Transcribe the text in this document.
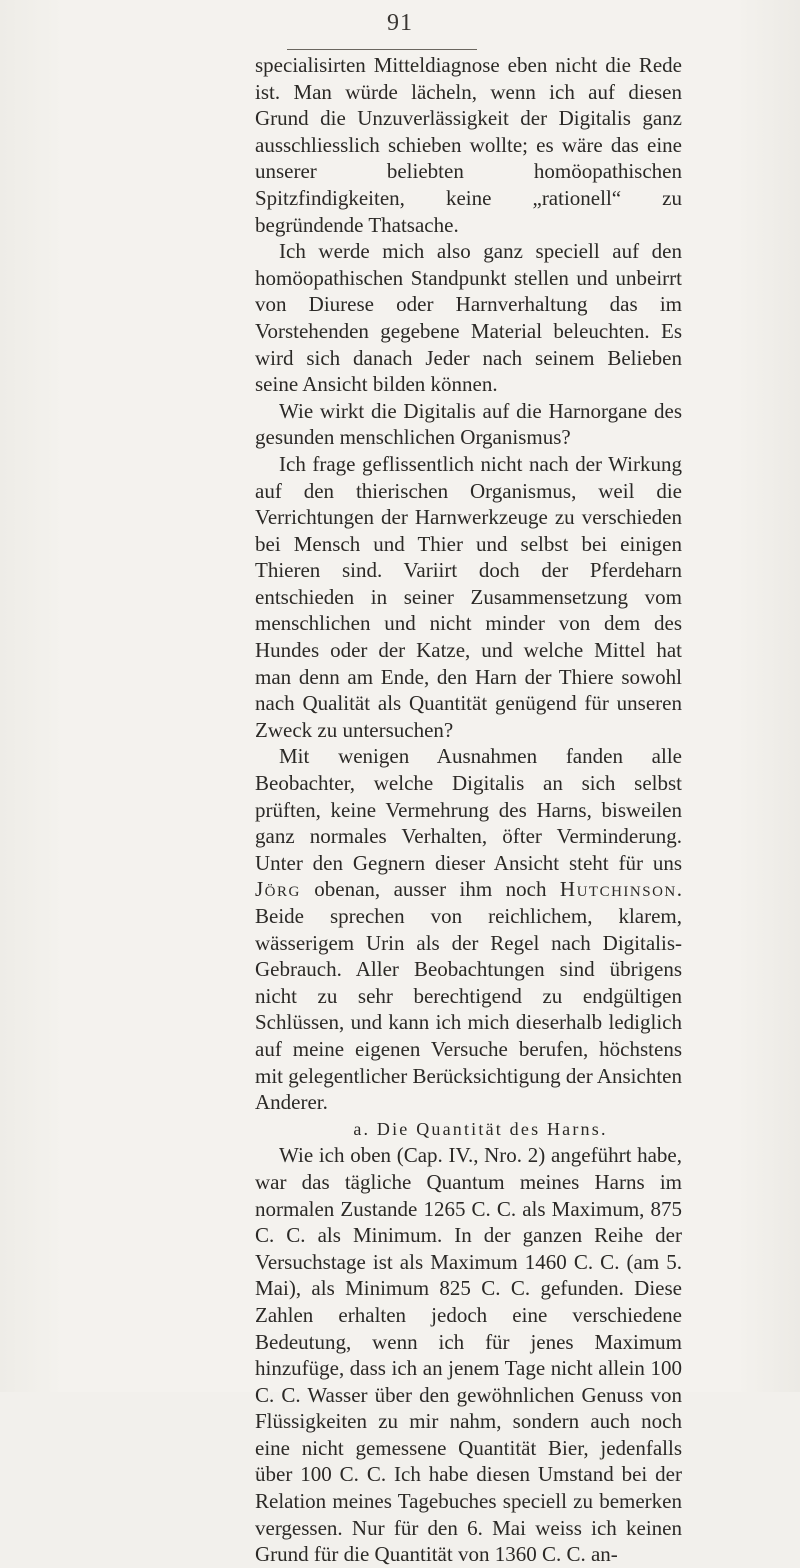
91

specialisirten Mitteldiagnose eben nicht die Rede ist. Man würde lächeln, wenn ich auf diesen Grund die Unzuverlässigkeit der Digitalis ganz ausschliesslich schieben wollte; es wäre das eine unserer beliebten homöopathischen Spitzfindigkeiten, keine „rationell“ zu begründende Thatsache.

Ich werde mich also ganz speciell auf den homöopathischen Standpunkt stellen und unbeirrt von Diurese oder Harnverhaltung das im Vorstehenden gegebene Material beleuchten. Es wird sich danach Jeder nach seinem Belieben seine Ansicht bilden können.

Wie wirkt die Digitalis auf die Harnorgane des gesunden menschlichen Organismus?

Ich frage geflissentlich nicht nach der Wirkung auf den thierischen Organismus, weil die Verrichtungen der Harnwerkzeuge zu verschieden bei Mensch und Thier und selbst bei einigen Thieren sind. Variirt doch der Pferdeharn entschieden in seiner Zusammensetzung vom menschlichen und nicht minder von dem des Hundes oder der Katze, und welche Mittel hat man denn am Ende, den Harn der Thiere sowohl nach Qualität als Quantität genügend für unseren Zweck zu untersuchen?

Mit wenigen Ausnahmen fanden alle Beobachter, welche Digitalis an sich selbst prüften, keine Vermehrung des Harns, bisweilen ganz normales Verhalten, öfter Verminderung. Unter den Gegnern dieser Ansicht steht für uns Jörg obenan, ausser ihm noch Hutchinson. Beide sprechen von reichlichem, klarem, wässerigem Urin als der Regel nach Digitalis-Gebrauch. Aller Beobachtungen sind übrigens nicht zu sehr berechtigend zu endgültigen Schlüssen, und kann ich mich dieserhalb lediglich auf meine eigenen Versuche berufen, höchstens mit gelegentlicher Berücksichtigung der Ansichten Anderer.

a. Die Quantität des Harns.

Wie ich oben (Cap. IV., Nro. 2) angeführt habe, war das tägliche Quantum meines Harns im normalen Zustande 1265 C. C. als Maximum, 875 C. C. als Minimum. In der ganzen Reihe der Versuchstage ist als Maximum 1460 C. C. (am 5. Mai), als Minimum 825 C. C. gefunden. Diese Zahlen erhalten jedoch eine verschiedene Bedeutung, wenn ich für jenes Maximum hinzufüge, dass ich an jenem Tage nicht allein 100 C. C. Wasser über den gewöhnlichen Genuss von Flüssigkeiten zu mir nahm, sondern auch noch eine nicht gemessene Quantität Bier, jedenfalls über 100 C. C. Ich habe diesen Umstand bei der Relation meines Tagebuches speciell zu bemerken vergessen. Nur für den 6. Mai weiss ich keinen Grund für die Quantität von 1360 C. C. an-
